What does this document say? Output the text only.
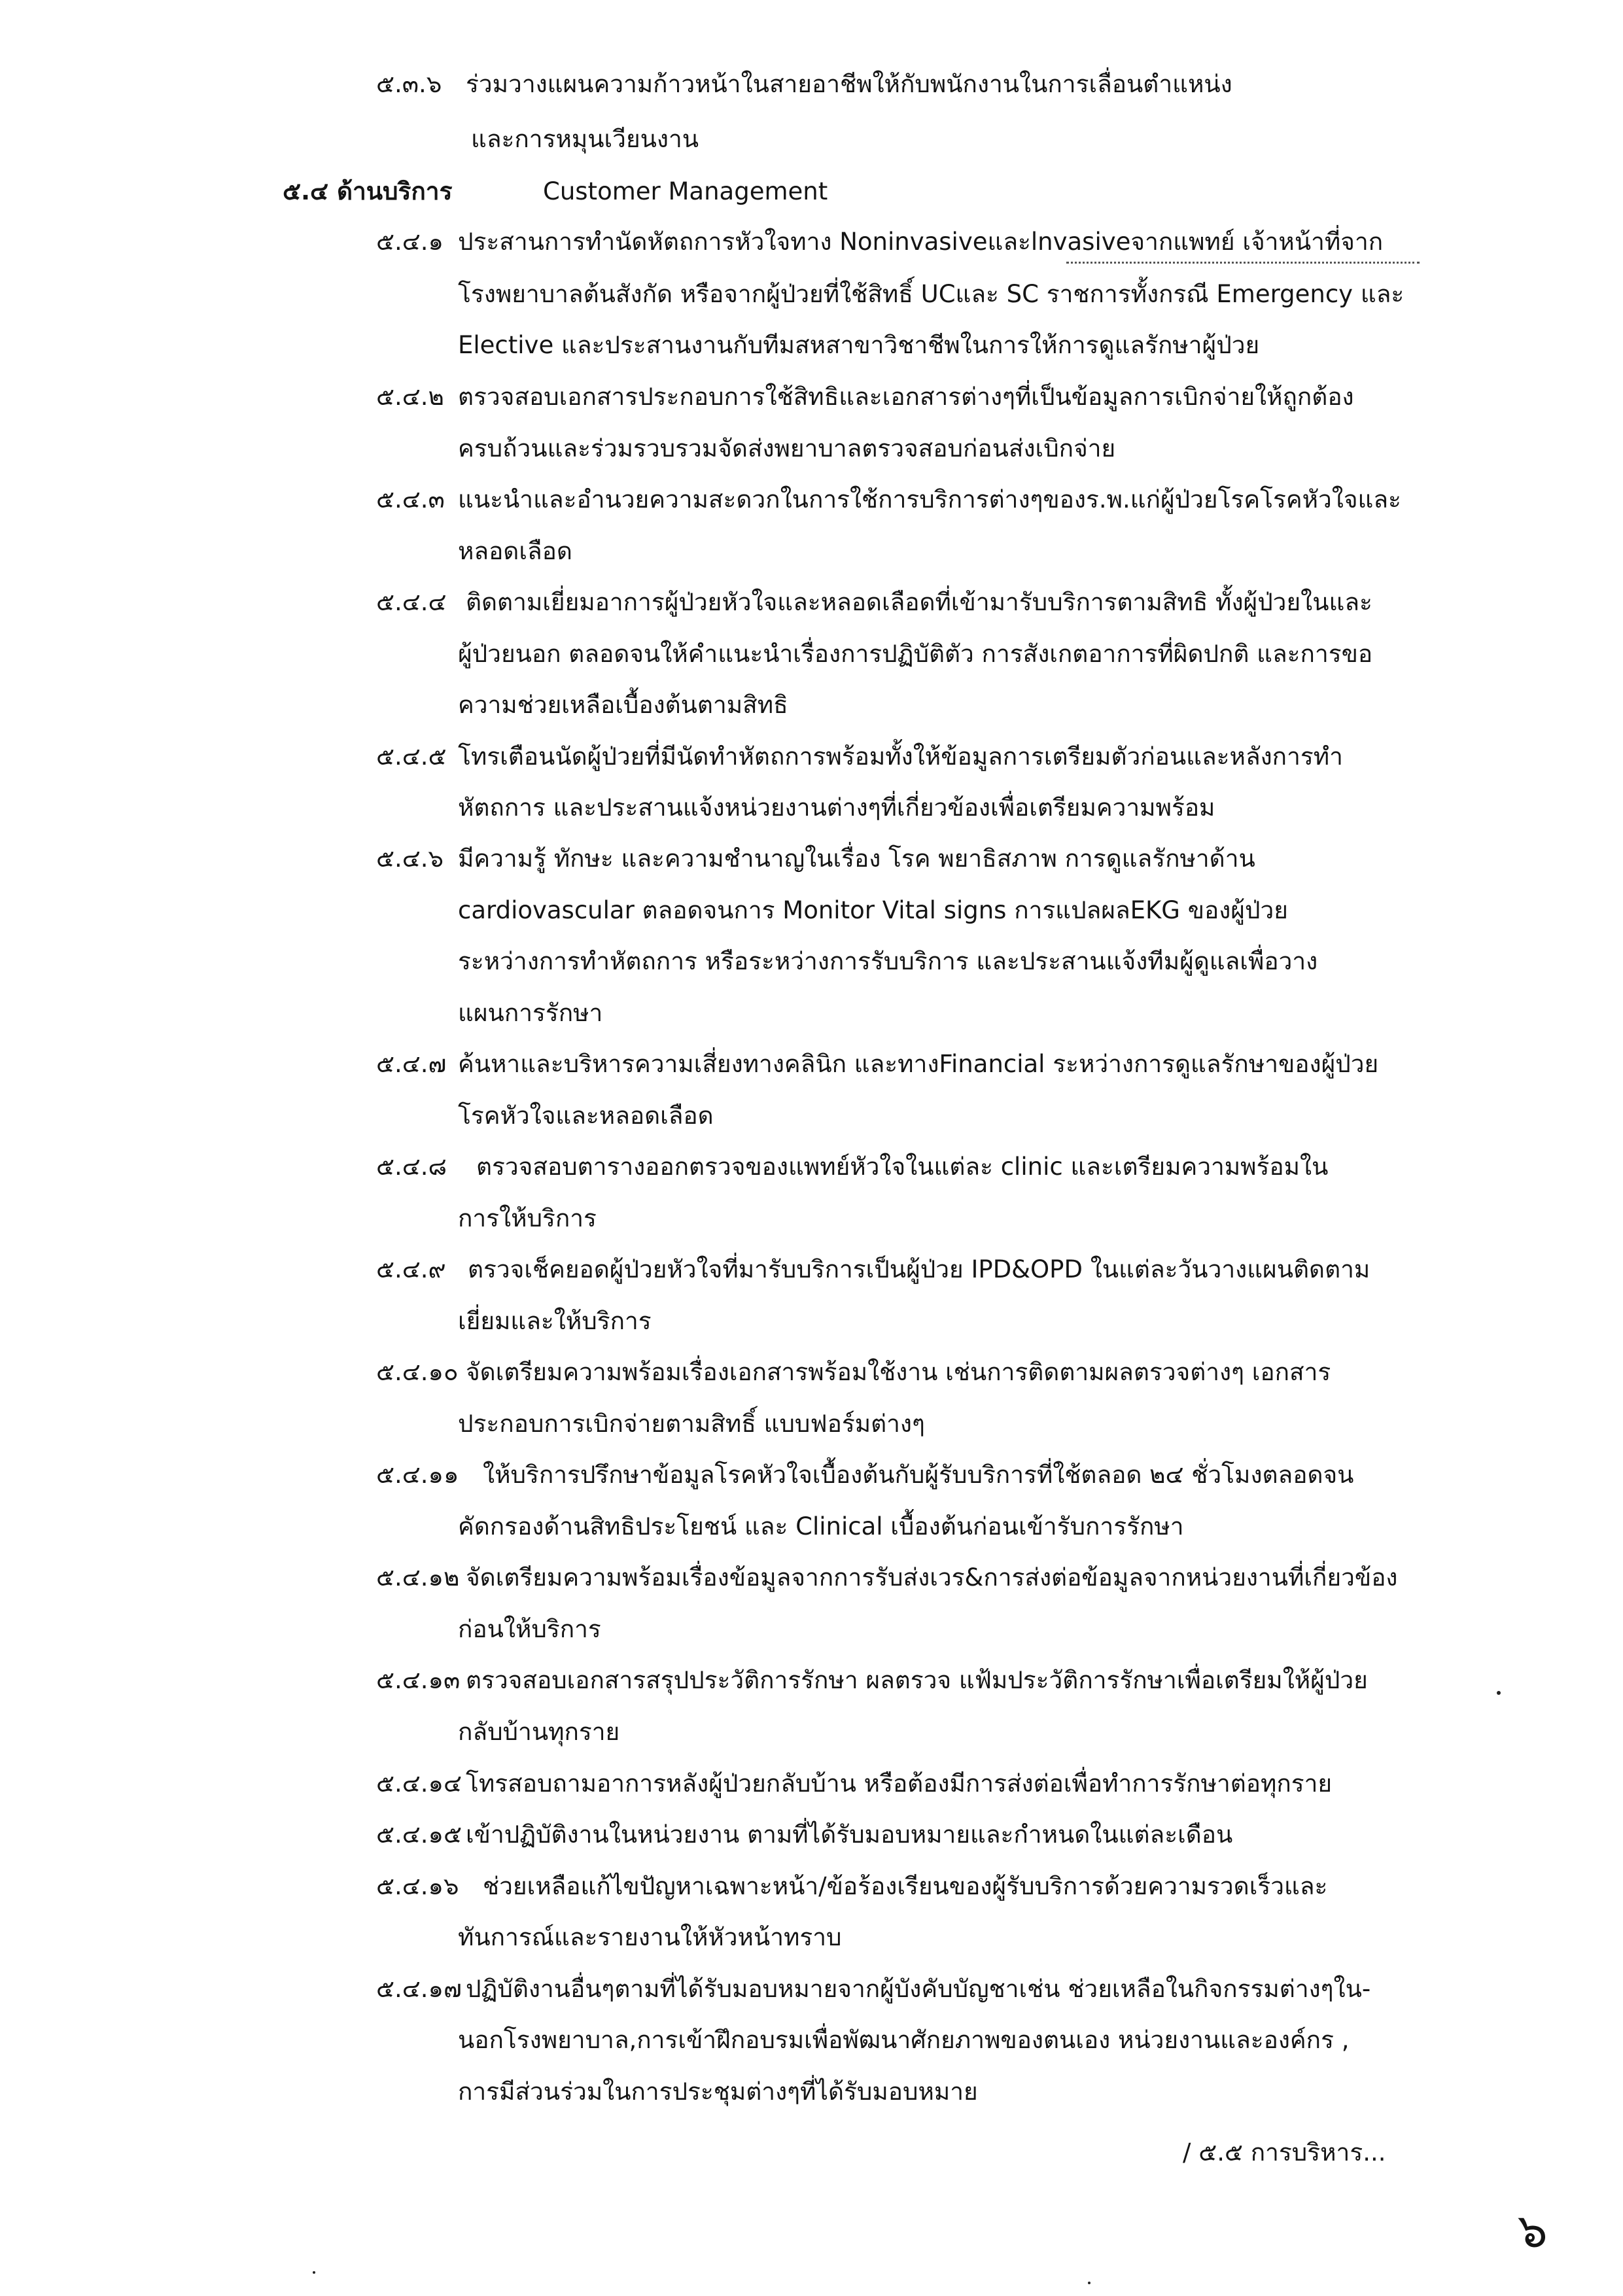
๕.๓.๖ ร่วมวางแผนความก้าวหน้าในสายอาชีพให้กับพนักงานในการเลื่อนตำแหน่ง
และการหมุนเวียนงาน
๕.๔ ด้านบริการ	Customer Management
๕.๔.๑ ประสานการทำนัดหัตถการหัวใจทาง Noninvasiveและlnvasiveจากแพทย์ เจ้าหน้าที่จาก
โรงพยาบาลต้นสังกัด หรือจากผู้ป่วยที่ใช้สิทธิ์ UCและ SC ราชการทั้งกรณี Emergency และ
Elective และประสานงานกับทีมสหสาขาวิชาชีพในการให้การดูแลรักษาผู้ป่วย
๕.๔.๒ ตรวจสอบเอกสารประกอบการใช้สิทธิและเอกสารต่างๆที่เป็นข้อมูลการเบิกจ่ายให้ถูกต้อง
ครบถ้วนและร่วมรวบรวมจัดส่งพยาบาลตรวจสอบก่อนส่งเบิกจ่าย
๕.๔.๓ แนะนำและอำนวยความสะดวกในการใช้การบริการต่างๆของร.พ.แก่ผู้ป่วยโรคโรคหัวใจและ
หลอดเลือด
๕.๔.๔ ติดตามเยี่ยมอาการผู้ป่วยหัวใจและหลอดเลือดที่เข้ามารับบริการตามสิทธิ ทั้งผู้ป่วยในและ
ผู้ป่วยนอก ตลอดจนให้คำแนะนำเรื่องการปฏิบัติตัว การสังเกตอาการที่ผิดปกติ และการขอ
ความช่วยเหลือเบื้องต้นตามสิทธิ
๕.๔.๕ โทรเตือนนัดผู้ป่วยที่มีนัดทำหัตถการพร้อมทั้งให้ข้อมูลการเตรียมตัวก่อนและหลังการทำ
หัตถการ และประสานแจ้งหน่วยงานต่างๆที่เกี่ยวข้องเพื่อเตรียมความพร้อม
๕.๔.๖ มีความรู้ ทักษะ และความชำนาญในเรื่อง โรค พยาธิสภาพ การดูแลรักษาด้าน
cardiovascular ตลอดจนการ Monitor Vital signs การแปลผลEKG ของผู้ป่วย
ระหว่างการทำหัตถการ หรือระหว่างการรับบริการ และประสานแจ้งทีมผู้ดูแลเพื่อวาง
แผนการรักษา
๕.๔.๗ ค้นหาและบริหารความเสี่ยงทางคลินิก และทางFinancial ระหว่างการดูแลรักษาของผู้ป่วย
โรคหัวใจและหลอดเลือด
๕.๔.๘ ตรวจสอบตารางออกตรวจของแพทย์หัวใจในแต่ละ clinic และเตรียมความพร้อมใน
การให้บริการ
๕.๔.๙ ตรวจเช็คยอดผู้ป่วยหัวใจที่มารับบริการเป็นผู้ป่วย IPD&OPD ในแต่ละวันวางแผนติดตาม
เยี่ยมและให้บริการ
๕.๔.๑๐ จัดเตรียมความพร้อมเรื่องเอกสารพร้อมใช้งาน เช่นการติดตามผลตรวจต่างๆ เอกสาร
ประกอบการเบิกจ่ายตามสิทธิ์ แบบฟอร์มต่างๆ
๕.๔.๑๑ ให้บริการปรึกษาข้อมูลโรคหัวใจเบื้องต้นกับผู้รับบริการที่ใช้ตลอด ๒๔ ชั่วโมงตลอดจน
คัดกรองด้านสิทธิประโยชน์ และ Clinical เบื้องต้นก่อนเข้ารับการรักษา
๕.๔.๑๒ จัดเตรียมความพร้อมเรื่องข้อมูลจากการรับส่งเวร&การส่งต่อข้อมูลจากหน่วยงานที่เกี่ยวข้อง
ก่อนให้บริการ
๕.๔.๑๓ ตรวจสอบเอกสารสรุปประวัติการรักษา ผลตรวจ แฟ้มประวัติการรักษาเพื่อเตรียมให้ผู้ป่วย
กลับบ้านทุกราย
๕.๔.๑๔ โทรสอบถามอาการหลังผู้ป่วยกลับบ้าน หรือต้องมีการส่งต่อเพื่อทำการรักษาต่อทุกราย
๕.๔.๑๕ เข้าปฏิบัติงานในหน่วยงาน ตามที่ได้รับมอบหมายและกำหนดในแต่ละเดือน
๕.๔.๑๖ ช่วยเหลือแก้ไขปัญหาเฉพาะหน้า/ข้อร้องเรียนของผู้รับบริการด้วยความรวดเร็วและ
ทันการณ์และรายงานให้หัวหน้าทราบ
๕.๔.๑๗ ปฏิบัติงานอื่นๆตามที่ได้รับมอบหมายจากผู้บังคับบัญชาเช่น ช่วยเหลือในกิจกรรมต่างๆใน-
นอกโรงพยาบาล,การเข้าฝึกอบรมเพื่อพัฒนาศักยภาพของตนเอง หน่วยงานและองค์กร ,
การมีส่วนร่วมในการประชุมต่างๆที่ได้รับมอบหมาย
/ ๕.๕ การบริหาร...
๖
